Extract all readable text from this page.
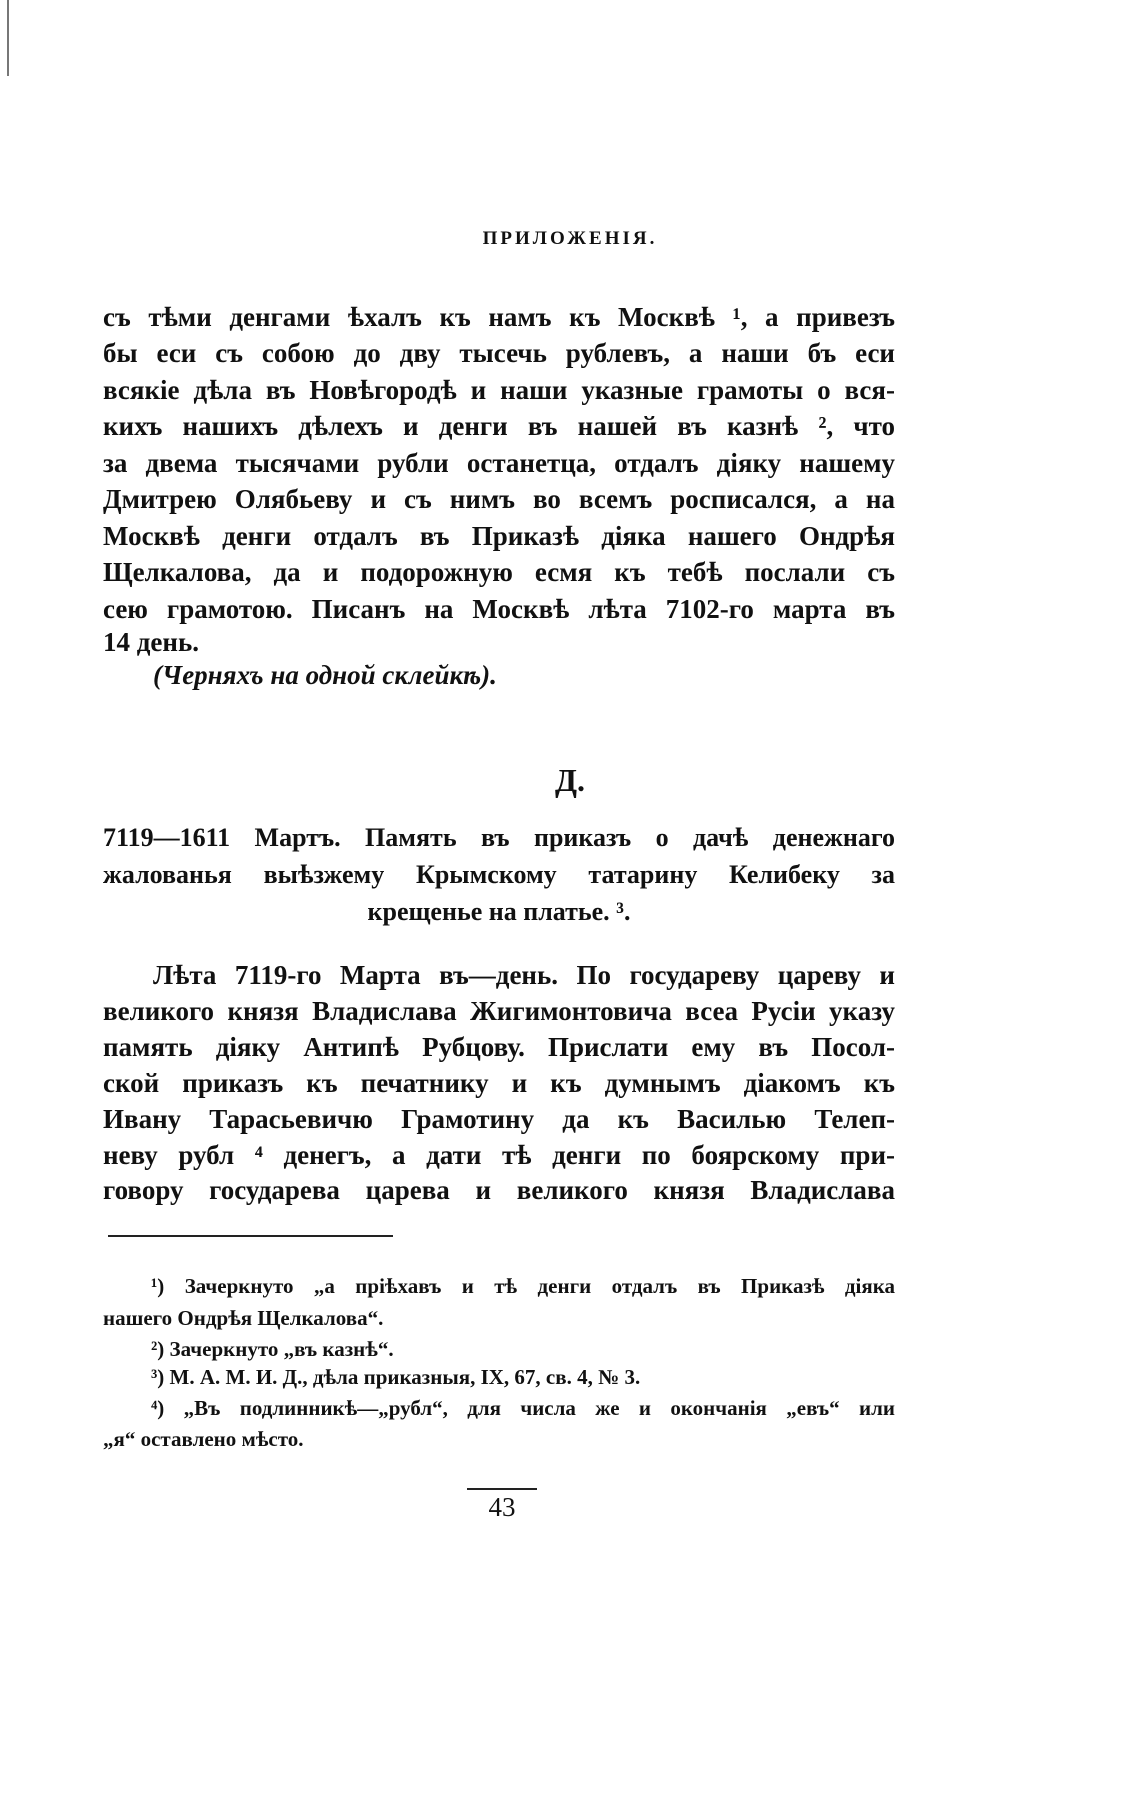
ПРИЛОЖЕНІЯ.
съ тѣми денгами ѣхалъ къ намъ къ Москвѣ ¹, а привезъ
бы еси съ собою до дву тысечь рублевъ, а наши бъ еси
всякіе дѣла въ Новѣгородѣ и наши указные грамоты о вся-
кихъ нашихъ дѣлехъ и денги въ нашей въ казнѣ ², что
за двема тысячами рубли останетца, отдалъ діяку нашему
Дмитрею Олябьеву и съ нимъ во всемъ росписался, а на
Москвѣ денги отдалъ въ Приказѣ діяка нашего Ондрѣя
Щелкалова, да и подорожную есмя къ тебѣ послали съ
сею грамотою. Писанъ на Москвѣ лѣта 7102-го марта въ
14 день.
(Черняхъ на одной склейкѣ).
Д.
7119—1611 Мартъ. Память въ приказъ о дачѣ денежнаго
жалованья выѣзжему Крымскому татарину Келибеку за
крещенье на платье. ³.
Лѣта 7119-го Марта въ—день. По государеву цареву и
великого князя Владислава Жигимонтовича всеа Русіи указу
память діяку Антипѣ Рубцову. Прислати ему въ Посол-
ской приказъ къ печатнику и къ думнымъ діакомъ къ
Ивану Тарасьевичю Грамотину да къ Василью Телеп-
неву рубл ⁴ денегъ, а дати тѣ денги по боярскому при-
говору государева царева и великого князя Владислава
¹) Зачеркнуто „а пріѣхавъ и тѣ денги отдалъ въ Приказѣ діяка
нашего Ондрѣя Щелкалова“.
²) Зачеркнуто „въ казнѣ“.
³) М. А. М. И. Д., дѣла приказныя, IX, 67, св. 4, № 3.
⁴) „Въ подлинникѣ—„рубл“, для числа же и окончанія „евъ“ или
„я“ оставлено мѣсто.
43
